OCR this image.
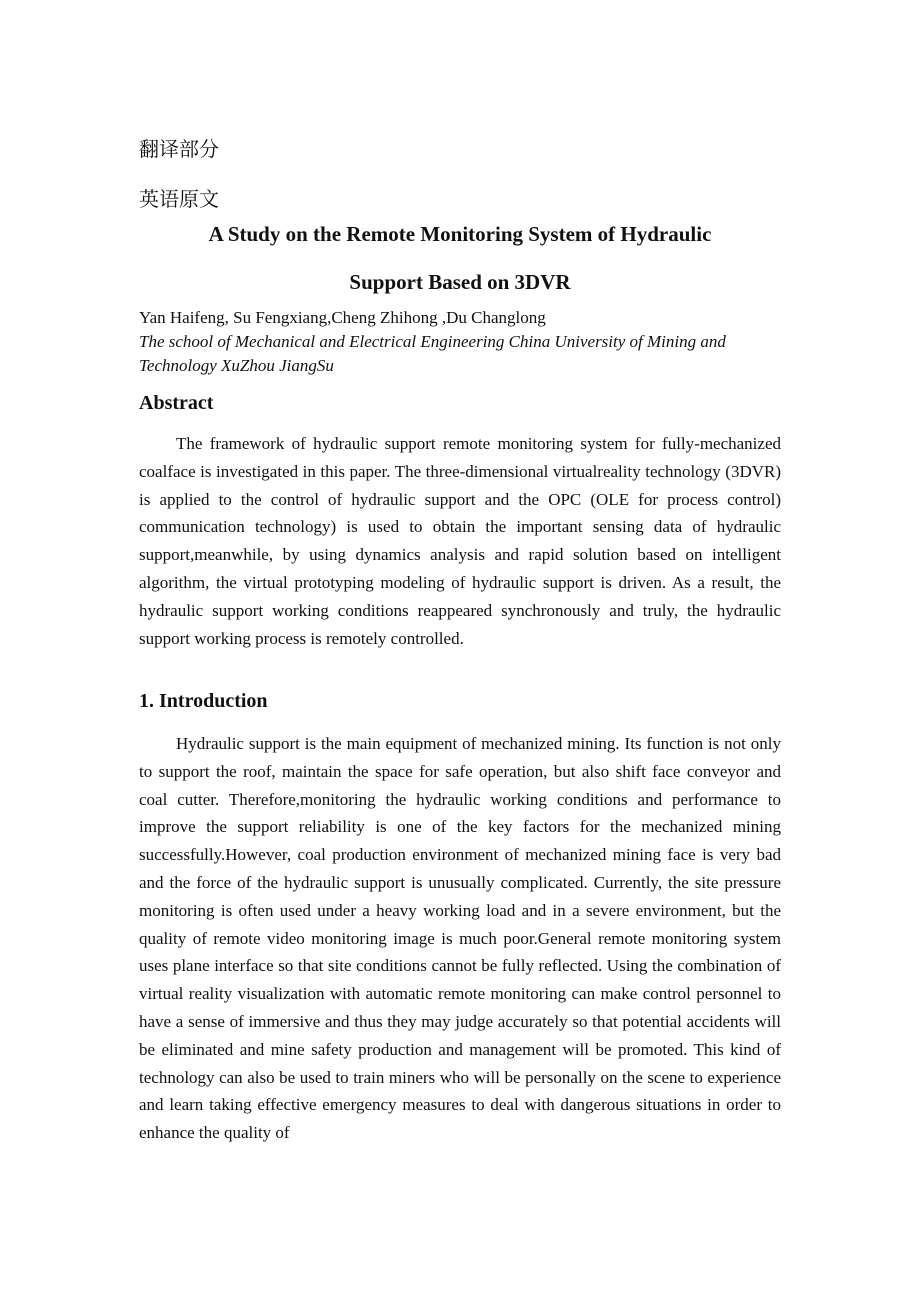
翻译部分
英语原文
A Study on the Remote Monitoring System of Hydraulic
Support Based on 3DVR
Yan Haifeng, Su Fengxiang,Cheng Zhihong ,Du Changlong
The school of Mechanical and Electrical Engineering China University of Mining and
Technology XuZhou JiangSu
Abstract

The framework of hydraulic support remote monitoring system for fully-mechanized coalface is investigated in this paper. The three-dimensional virtualreality technology (3DVR) is applied to the control of hydraulic support and the OPC (OLE for process control) communication technology) is used to obtain the important sensing data of hydraulic support,meanwhile, by using dynamics analysis and rapid solution based on intelligent algorithm, the virtual prototyping modeling of hydraulic support is driven. As a result, the hydraulic support working conditions reappeared synchronously and truly, the hydraulic support working process is remotely controlled.

1. Introduction

Hydraulic support is the main equipment of mechanized mining. Its function is not only to support the roof, maintain the space for safe operation, but also shift face conveyor and coal cutter. Therefore,monitoring the hydraulic working conditions and performance to improve the support reliability is one of the key factors for the mechanized mining successfully.However, coal production environment of mechanized mining face is very bad and the force of the hydraulic support is unusually complicated. Currently, the site pressure monitoring is often used under a heavy working load and in a severe environment, but the quality of remote video monitoring image is much poor.General remote monitoring system uses plane interface so that site conditions cannot be fully reflected. Using the combination of virtual reality visualization with automatic remote monitoring can make control personnel to have a sense of immersive and thus they may judge accurately so that potential accidents will be eliminated and mine safety production and management will be promoted. This kind of technology can also be used to train miners who will be personally on the scene to experience and learn taking effective emergency measures to deal with dangerous situations in order to enhance the quality of
